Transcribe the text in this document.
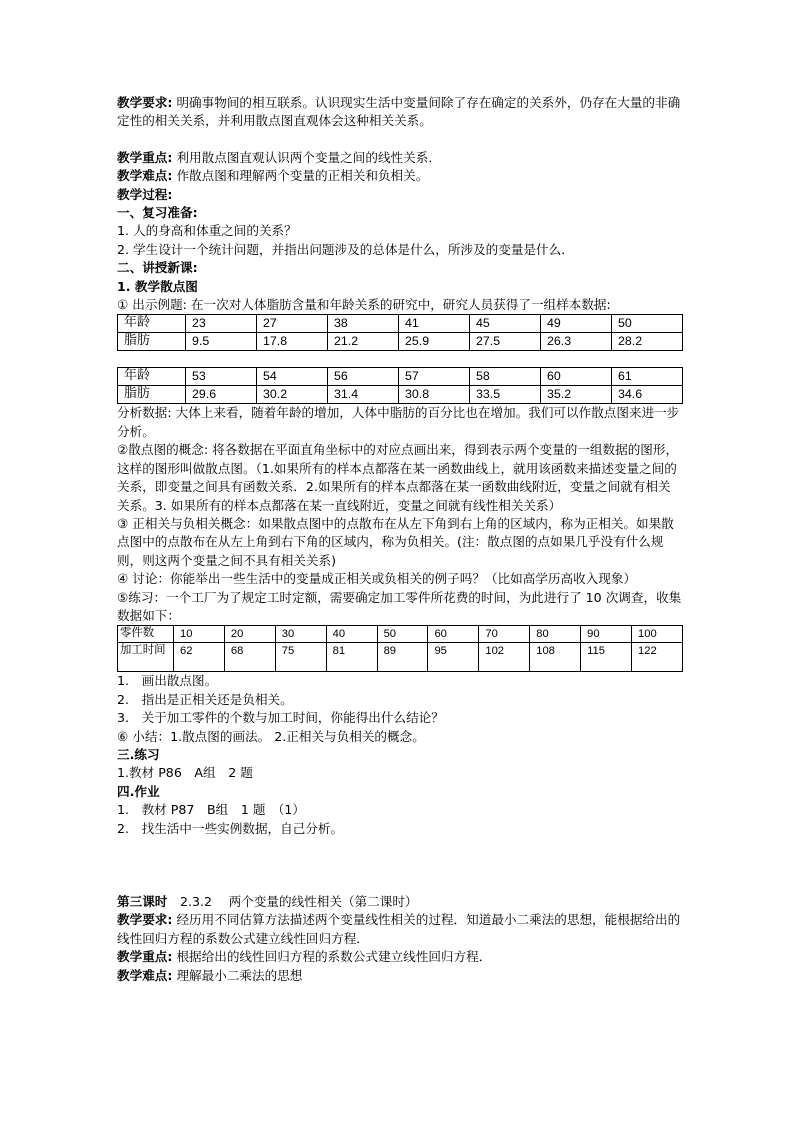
教学要求: 明确事物间的相互联系。认识现实生活中变量间除了存在确定的关系外，仍存在大量的非确定性的相关关系，并利用散点图直观体会这种相关关系。

教学重点: 利用散点图直观认识两个变量之间的线性关系．

教学难点: 作散点图和理解两个变量的正相关和负相关。

教学过程:

一、复习准备:

1. 人的身高和体重之间的关系？

2. 学生设计一个统计问题，并指出问题涉及的总体是什么，所涉及的变量是什么．

二、讲授新课:

1. 教学散点图

① 出示例题: 在一次对人体脂肪含量和年龄关系的研究中，研究人员获得了一组样本数据:

年龄	23	27	38	41	45	49	50
脂肪	9.5	17.8	21.2	25.9	27.5	26.3	28.2
年龄	53	54	56	57	58	60	61
脂肪	29.6	30.2	31.4	30.8	33.5	35.2	34.6

分析数据: 大体上来看，随着年龄的增加，人体中脂肪的百分比也在增加。我们可以作散点图来进一步分析。

②散点图的概念: 将各数据在平面直角坐标中的对应点画出来，得到表示两个变量的一组数据的图形，这样的图形叫做散点图。（1.如果所有的样本点都落在某一函数曲线上，就用该函数来描述变量之间的关系，即变量之间具有函数关系．2.如果所有的样本点都落在某一函数曲线附近，变量之间就有相关关系。3. 如果所有的样本点都落在某一直线附近，变量之间就有线性相关关系）

③ 正相关与负相关概念：如果散点图中的点散布在从左下角到右上角的区域内，称为正相关。如果散点图中的点散布在从左上角到右下角的区域内，称为负相关。(注：散点图的点如果几乎没有什么规则，则这两个变量之间不具有相关关系)

④ 讨论：你能举出一些生活中的变量成正相关或负相关的例子吗？（比如高学历高收入现象）

⑤练习：一个工厂为了规定工时定额，需要确定加工零件所花费的时间，为此进行了 10 次调查，收集数据如下：

零件数	10	20	30	40	50	60	70	80	90	100
加工时间	62	68	75	81	89	95	102	108	115	122

1.　画出散点图。

2.　指出是正相关还是负相关。

3.　关于加工零件的个数与加工时间，你能得出什么结论？

⑥ 小结：1.散点图的画法。 2.正相关与负相关的概念。

三.练习

1.教材 P86　A组　2 题

四.作业

1.　教材 P87　B组　1 题　（1）

2.　找生活中一些实例数据，自己分析。

第三课时　2.3.2　 两个变量的线性相关（第二课时）

教学要求: 经历用不同估算方法描述两个变量线性相关的过程．知道最小二乘法的思想，能根据给出的线性回归方程的系数公式建立线性回归方程．

教学重点: 根据给出的线性回归方程的系数公式建立线性回归方程．

教学难点: 理解最小二乘法的思想
